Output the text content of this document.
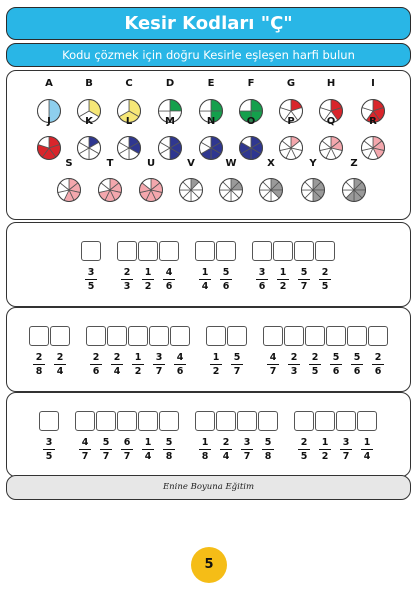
Kesir Kodları "Ç"
Kodu çözmek için doğru Kesirle eşleşen harfi bulun
A	B	C	D	E	F	G	H	I
J	K	L	M	N	O	P	Q	R
S	T	U	V	W	X	Y	Z
3
5
2
3
1
2
4
6
1
4
5
6
3
6
1
2
5
7
2
5
2
8
2
4
2
6
2
4
1
2
3
7
4
6
1
2
5
7
4
7
2
3
2
5
5
6
5
6
2
6
3
5
4
7
5
7
6
7
1
4
5
8
1
8
2
4
3
7
5
8
2
5
1
2
3
7
1
4
Enine Boyuna Eğitim
5
